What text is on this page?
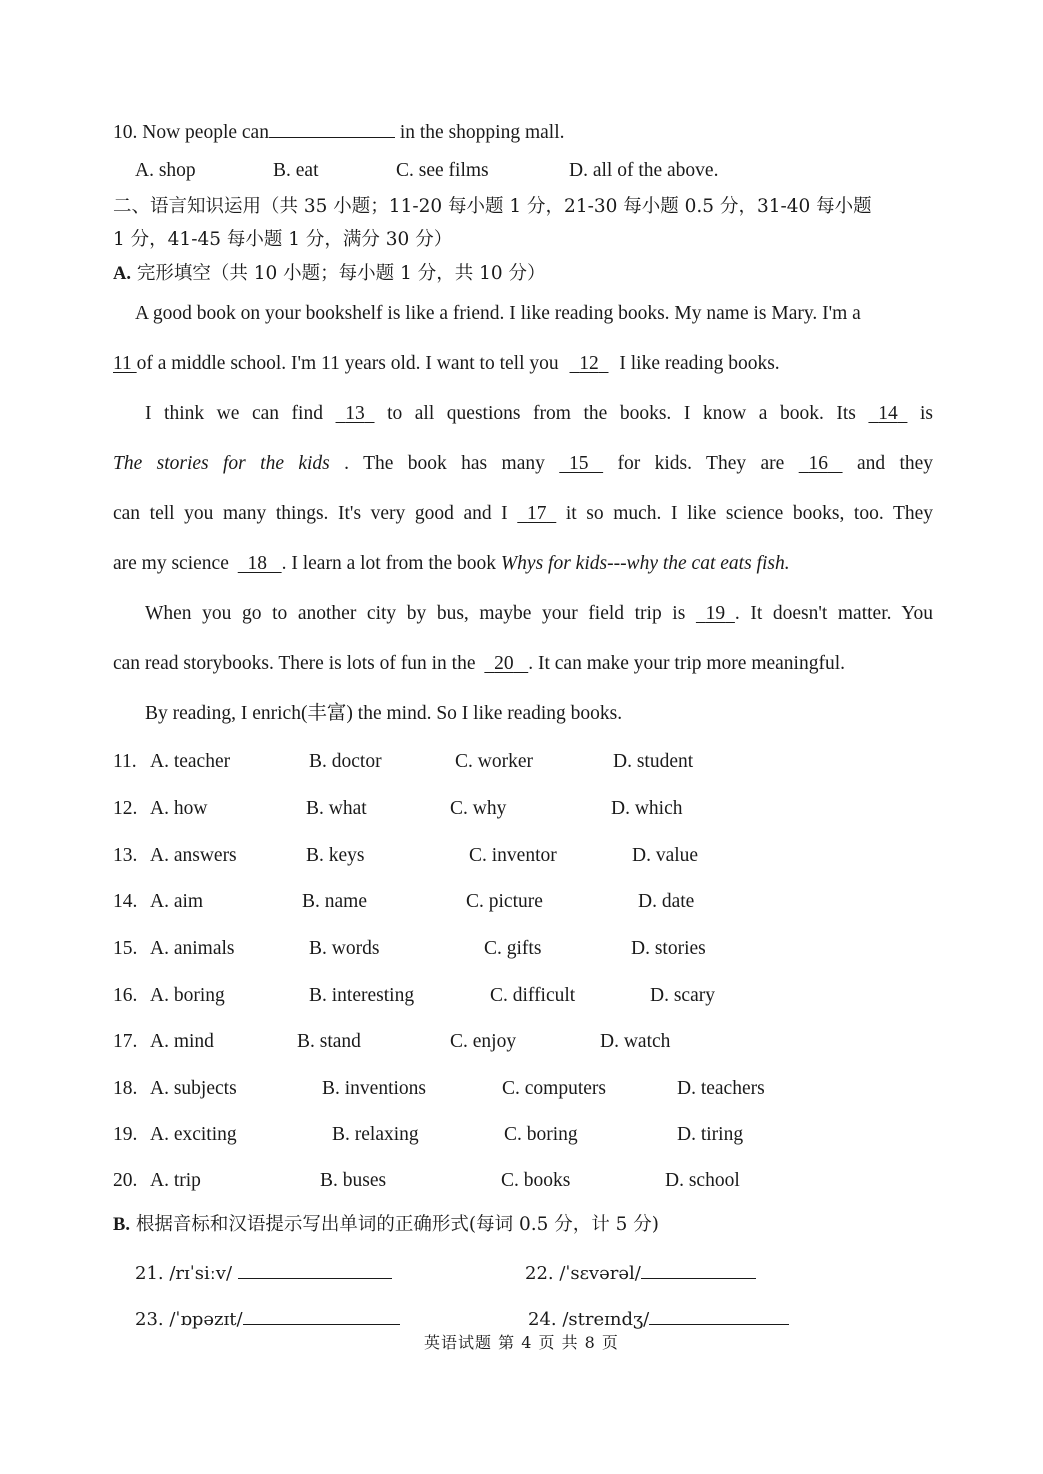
10. Now people can	in the shopping mall.
A. shop	B. eat	C. see films	D. all of the above.
二、语言知识运用（共 35 小题；11-20 每小题 1 分，21-30 每小题 0.5 分，31-40 每小题
1 分，41-45 每小题 1 分，满分 30 分）
A. 完形填空（共 10 小题；每小题 1 分，共 10 分）
A good book on your bookshelf is like a friend. I like reading books. My name is Mary. I'm a
11 of a middle school. I'm 11 years old. I want to tell you 12 I like reading books.
I think we can find 13 to all questions from the books. I know a book. Its 14 is
The stories for the kids . The book has many 15 for kids. They are 16 and they
can tell you many things. It's very good and I 17 it so much. I like science books, too. They
are my science 18 . I learn a lot from the book Whys for kids---why the cat eats fish.
When you go to another city by bus, maybe your field trip is 19 . It doesn't matter. You
can read storybooks. There is lots of fun in the 20 . It can make your trip more meaningful.
By reading, I enrich(丰富) the mind. So I like reading books.
11. A. teacher	B. doctor	C. worker	D. student
12. A. how	B. what	C. why	D. which
13. A. answers	B. keys	C. inventor	D. value
14. A. aim	B. name	C. picture	D. date
15. A. animals	B. words	C. gifts	D. stories
16. A. boring	B. interesting	C. difficult	D. scary
17. A. mind	B. stand	C. enjoy	D. watch
18. A. subjects	B. inventions	C. computers	D. teachers
19. A. exciting	B. relaxing	C. boring	D. tiring
20. A. trip	B. buses	C. books	D. school
B. 根据音标和汉语提示写出单词的正确形式(每词 0.5 分，计 5 分)
21. /rɪˈsiːv/	22. /ˈsɛvərəl/
23. /ˈɒpəzɪt/	24. /streɪndʒ/
英语试题 第 4 页 共 8 页
